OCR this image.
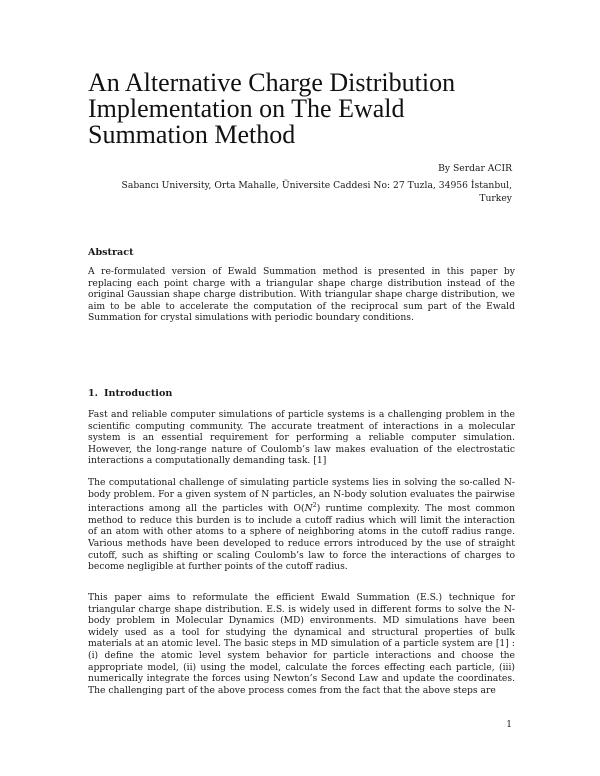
An Alternative Charge Distribution Implementation on The Ewald Summation Method

By Serdar ACIR

Sabancı University, Orta Mahalle, Üniversite Caddesi No: 27 Tuzla, 34956 İstanbul, Turkey

Abstract

A re-formulated version of Ewald Summation method is presented in this paper by replacing each point charge with a triangular shape charge distribution instead of the original Gaussian shape charge distribution. With triangular shape charge distribution, we aim to be able to accelerate the computation of the reciprocal sum part of the Ewald Summation for crystal simulations with periodic boundary conditions.

1. Introduction

Fast and reliable computer simulations of particle systems is a challenging problem in the scientific computing community. The accurate treatment of interactions in a molecular system is an essential requirement for performing a reliable computer simulation. However, the long-range nature of Coulomb’s law makes evaluation of the electrostatic interactions a computationally demanding task. [1]

The computational challenge of simulating particle systems lies in solving the so-called N-body problem. For a given system of N particles, an N-body solution evaluates the pairwise interactions among all the particles with $O(N^2)$ runtime complexity. The most common method to reduce this burden is to include a cutoff radius which will limit the interaction of an atom with other atoms to a sphere of neighboring atoms in the cutoff radius range. Various methods have been developed to reduce errors introduced by the use of straight cutoff, such as shifting or scaling Coulomb’s law to force the interactions of charges to become negligible at further points of the cutoff radius.

This paper aims to reformulate the efficient Ewald Summation (E.S.) technique for triangular charge shape distribution. E.S. is widely used in different forms to solve the N-body problem in Molecular Dynamics (MD) environments. MD simulations have been widely used as a tool for studying the dynamical and structural properties of bulk materials at an atomic level. The basic steps in MD simulation of a particle system are [1] : (i) define the atomic level system behavior for particle interactions and choose the appropriate model, (ii) using the model, calculate the forces effecting each particle, (iii) numerically integrate the forces using Newton’s Second Law and update the coordinates. The challenging part of the above process comes from the fact that the above steps are

1
